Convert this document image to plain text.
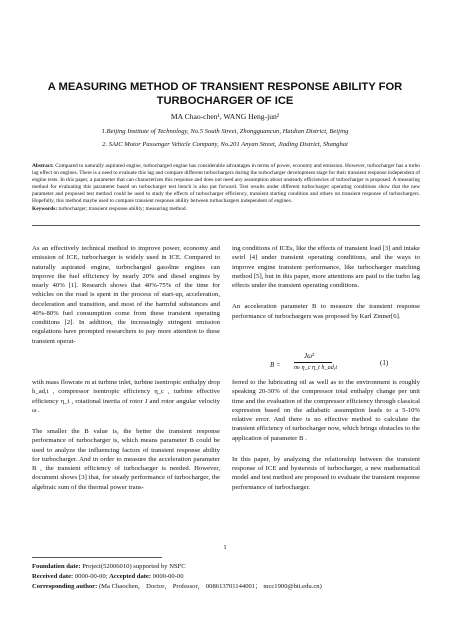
A MEASURING METHOD OF TRANSIENT RESPONSE ABILITY FOR
TURBOCHARGER OF ICE
MA Chao-chen¹, WANG Heng-jun²
1.Beijing Institute of Technology, No.5 South Street, Zhongguancun, Haidian District, Beijing
2. SAIC Motor Passenger Vehicle Company, No.201 Anyan Street, Jiading District, Shanghai
Abstract: Compared to naturally aspirated engine, turbocharged engine has considerable advantages in terms of power, economy and emission. However, turbocharger has a turbo lag effect on engines. There is a need to evaluate this lag and compare different turbochargers during the turbocharger development stage for their transient response independent of engine tests. In this paper, a parameter that can characterizes this response and does not need any assumption about unsteady efficiencies of turbocharger is proposed. A measuring method for evaluating this parameter based on turbocharger test bench is also put forward. Test results under different turbocharger operating conditions show that the new parameter and proposed test method could be used to study the effects of turbocharger efficiency, transient starting condition and others on transient response of turbochargers. Hopefully, this method maybe used to compare transient response ability between turbochargers independent of engines.
Keywords: turbocharger; transient response ability; measuring method.

As an effectively technical method to improve power, economy and emission of ICE, turbocharger is widely used in ICE. Compared to naturally aspirated engine, turbocharged gasoline engines can improve the fuel efficiency by nearly 20% and diesel engines by nearly 40% [1]. Research shows that 40%-75% of the time for vehicles on the road is spent in the process of start-up, acceleration, deceleration and transition, and most of the harmful substances and 40%-80% fuel consumption come from these transient operating conditions [2]. In addition, the increasingly stringent emission regulations have prompted researchers to pay more attention to these transient operat-

with mass flowrate m at turbine inlet, turbine isentropic enthalpy drop h_ad,t , compressor isentropic efficiency η_c , turbine effective efficiency η_t , rotational inertia of rotor J and rotor angular velocity ω .

The smaller the B value is, the better the transient response performance of turbocharger is, which means parameter B could be used to analyze the influencing factors of transient response ability for turbocharger. And in order to measure the acceleration parameter B , the transient efficiency of turbocharger is needed. However, document shows [3] that, for steady performance of turbocharger, the algebraic sum of the thermal power trans-

ing conditions of ICEs, like the effects of transient load [3] and intake swirl [4] under transient operating conditions, and the ways to improve engine transient performance, like turbocharger matching method [5], but in this paper, more attentions are paid to the turbo lag effects under the transient operating conditions.

An acceleration parameter B to measure the transient response performance of turbochargers was proposed by Karl Zinner[6].

B =
Jω²
mₜ η_c η_t h_ad,t
(1)

ferred to the lubricating oil as well as to the environment is roughly speaking 20-30% of the compressor total enthalpy change per unit time and the evaluation of the compressor efficiency through classical expression based on the adiabatic assumption leads to a 5-10% relative error. And there is no effective method to calculate the transient efficiency of turbocharger now, which brings obstacles to the application of parameter B .

In this paper, by analyzing the relationship between the transient response of ICE and hysteresis of turbocharger, a new mathematical model and test method are proposed to evaluate the transient response performance of turbocharger.

1
Foundation date: Project(52006010) supported by NSFC
Received date: 0000-00-00; Accepted date: 0000-00-00
Corresponding author: (Ma Chaochen， Doctor， Professor， 008613701144001； mcc1900@bit.edu.cn)
